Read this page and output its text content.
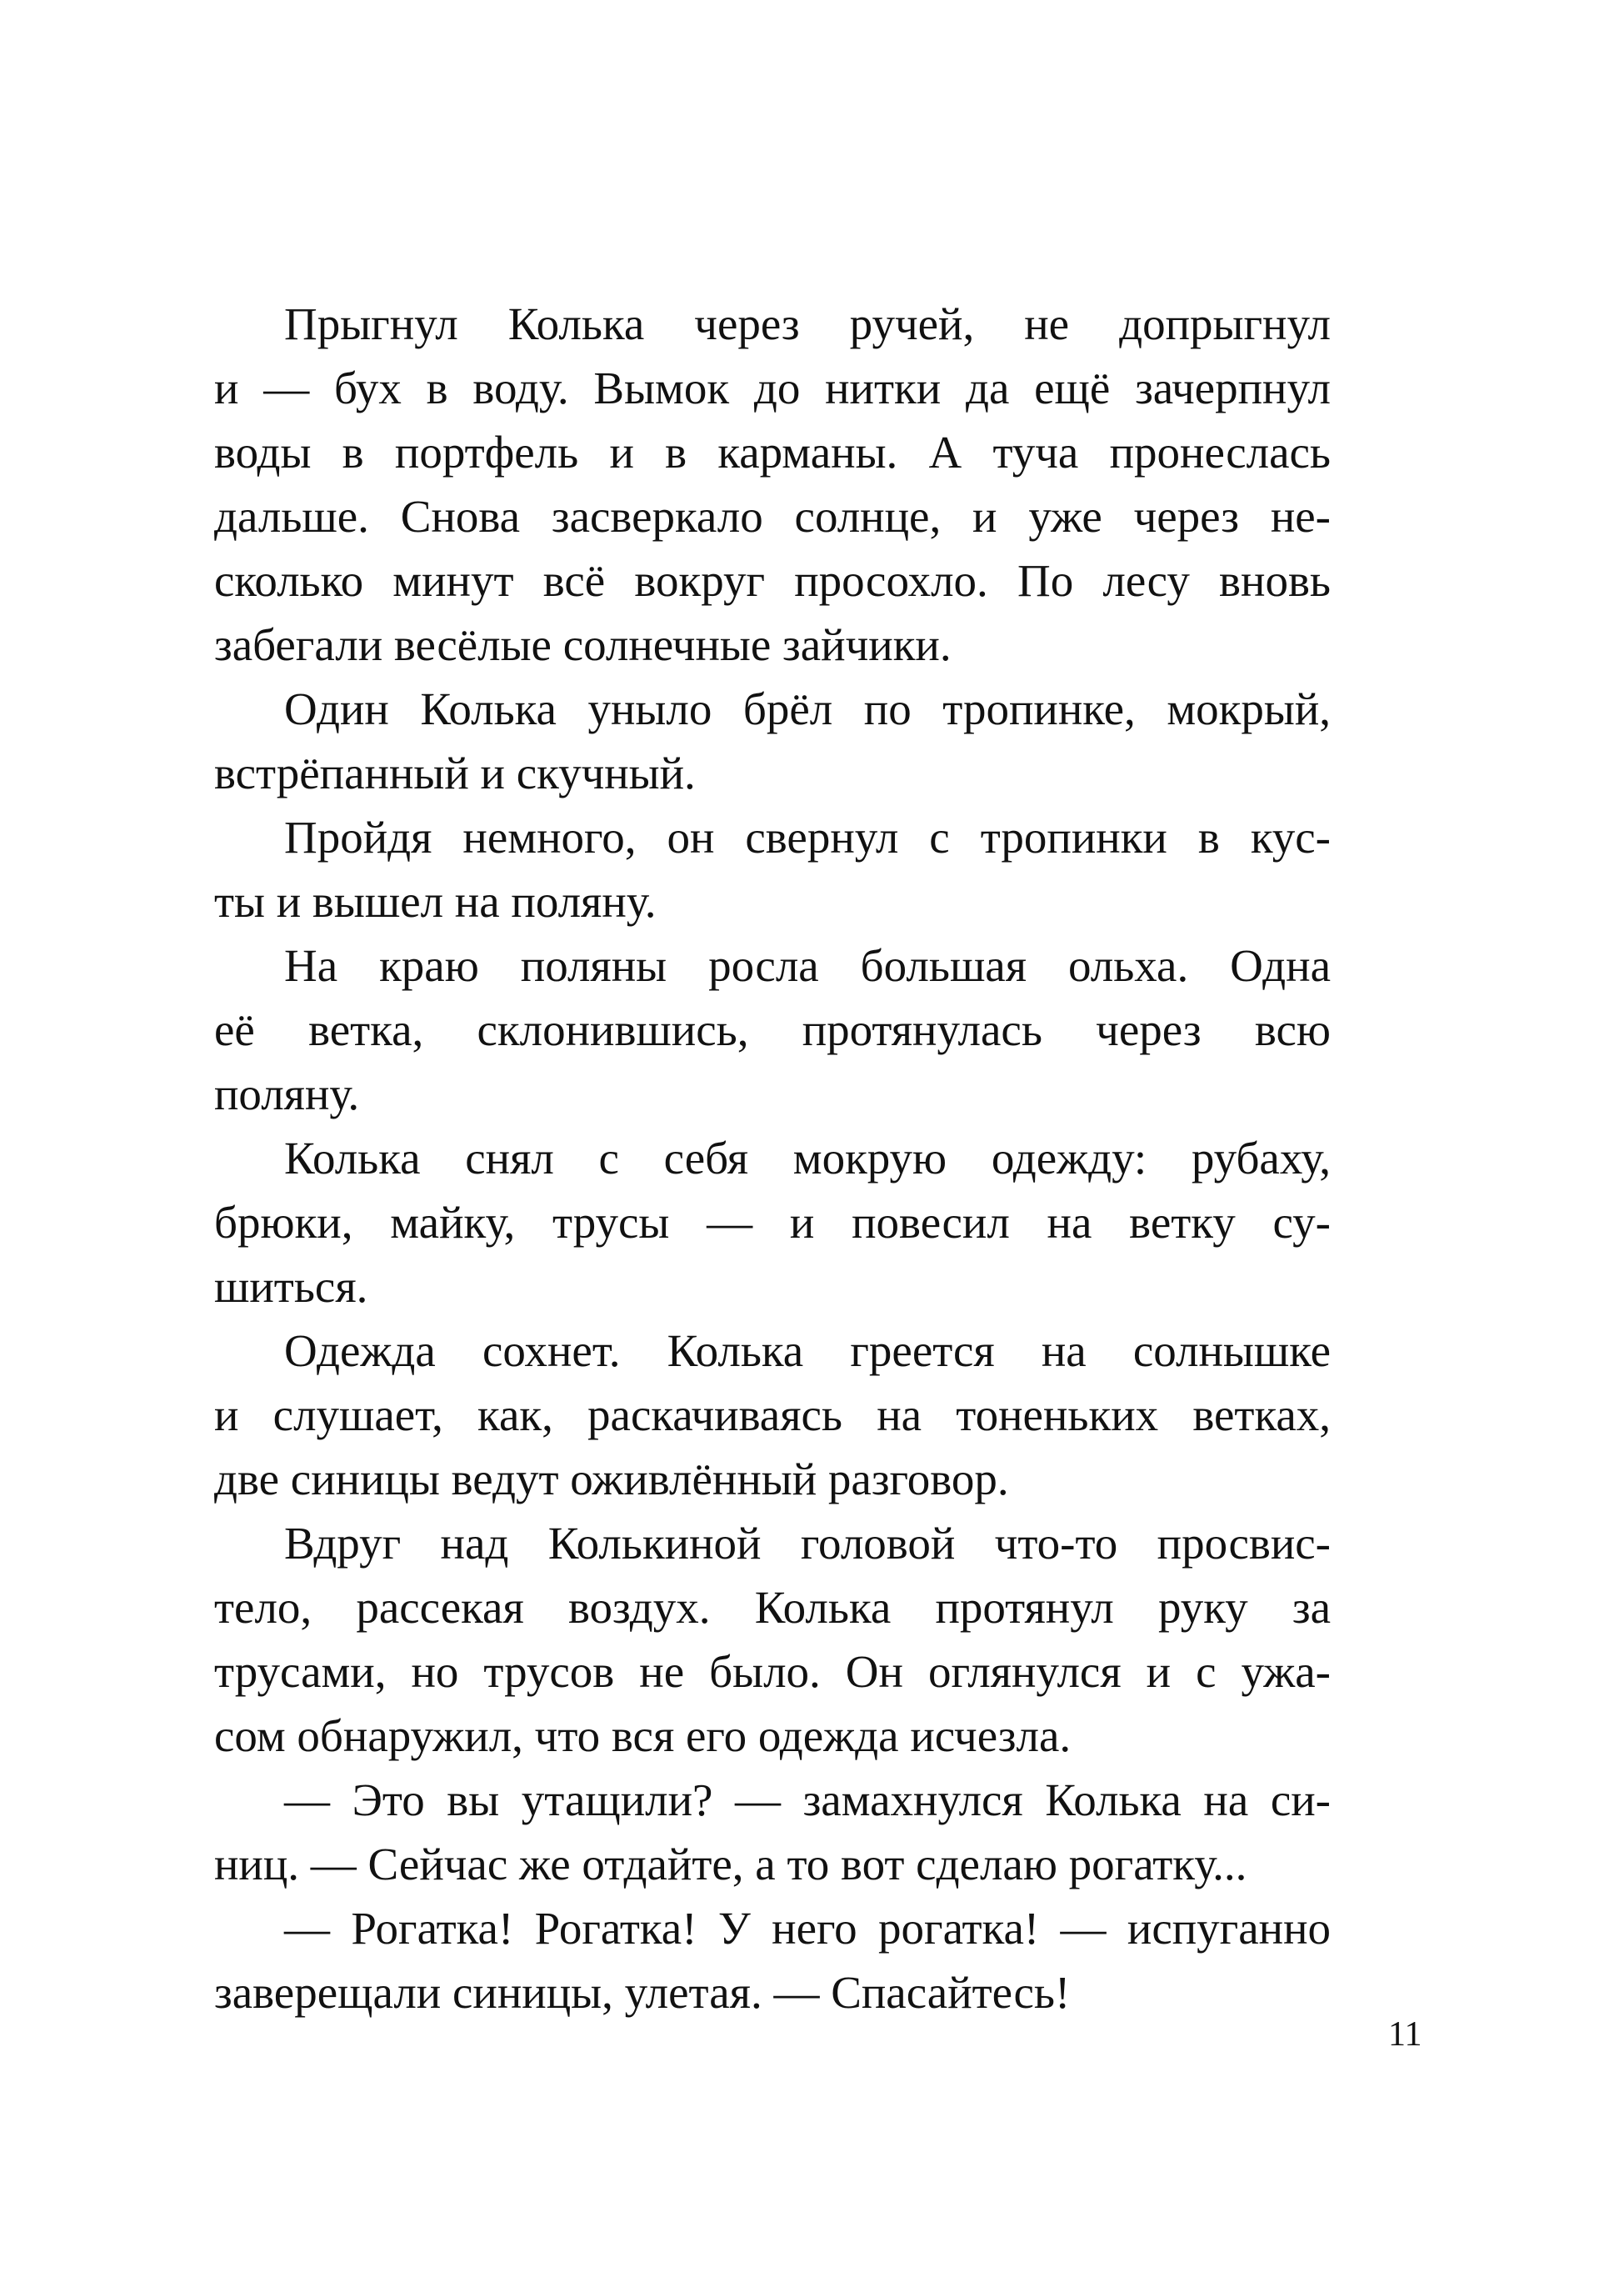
Прыгнул Колька через ручей, не допрыгнул
и — бух в воду. Вымок до нитки да ещё зачерпнул
воды в портфель и в карманы. А туча пронеслась
дальше. Снова засверкало солнце, и уже через не-
сколько минут всё вокруг просохло. По лесу вновь
забегали весёлые солнечные зайчики.
Один Колька уныло брёл по тропинке, мокрый,
встрёпанный и скучный.
Пройдя немного, он свернул с тропинки в кус-
ты и вышел на поляну.
На краю поляны росла большая ольха. Одна
её ветка, склонившись, протянулась через всю
поляну.
Колька снял с себя мокрую одежду: рубаху,
брюки, майку, трусы — и повесил на ветку су-
шиться.
Одежда сохнет. Колька греется на солнышке
и слушает, как, раскачиваясь на тоненьких ветках,
две синицы ведут оживлённый разговор.
Вдруг над Колькиной головой что-то просвис-
тело, рассекая воздух. Колька протянул руку за
трусами, но трусов не было. Он оглянулся и с ужа-
сом обнаружил, что вся его одежда исчезла.
— Это вы утащили? — замахнулся Колька на си-
ниц. — Сейчас же отдайте, а то вот сделаю рогатку...
— Рогатка! Рогатка! У него рогатка! — испуганно
заверещали синицы, улетая. — Спасайтесь!
11
